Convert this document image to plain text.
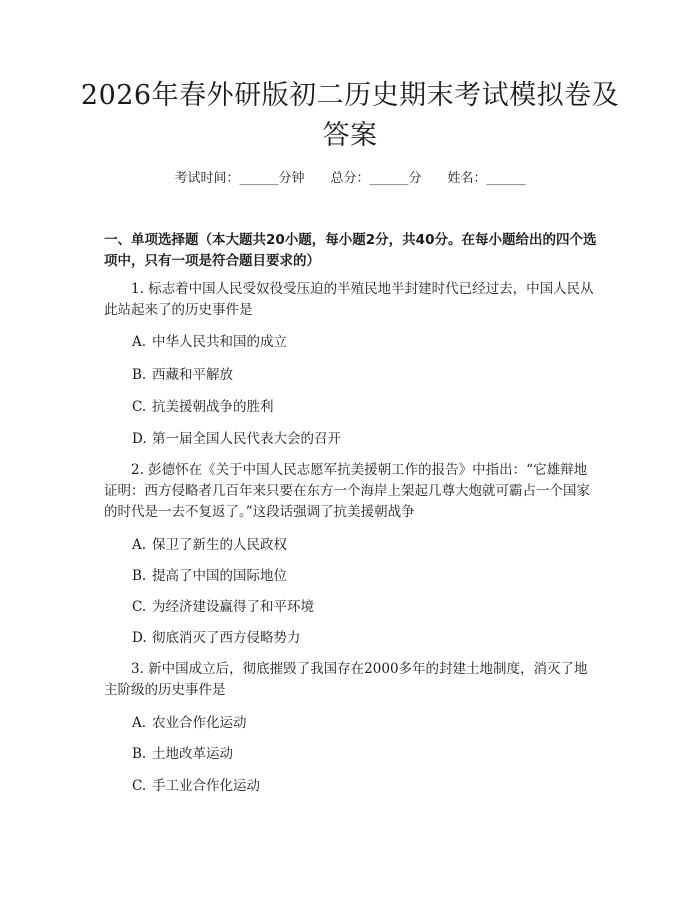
2026年春外研版初二历史期末考试模拟卷及答案
考试时间：______分钟 总分：______分 姓名：______
一、单项选择题（本大题共20小题，每小题2分，共40分。在每小题给出的四个选项中，只有一项是符合题目要求的）
1. 标志着中国人民受奴役受压迫的半殖民地半封建时代已经过去，中国人民从此站起来了的历史事件是
A. 中华人民共和国的成立
B. 西藏和平解放
C. 抗美援朝战争的胜利
D. 第一届全国人民代表大会的召开
2. 彭德怀在《关于中国人民志愿军抗美援朝工作的报告》中指出：“它雄辩地证明：西方侵略者几百年来只要在东方一个海岸上架起几尊大炮就可霸占一个国家的时代是一去不复返了。”这段话强调了抗美援朝战争
A. 保卫了新生的人民政权
B. 提高了中国的国际地位
C. 为经济建设赢得了和平环境
D. 彻底消灭了西方侵略势力
3. 新中国成立后，彻底摧毁了我国存在2000多年的封建土地制度，消灭了地主阶级的历史事件是
A. 农业合作化运动
B. 土地改革运动
C. 手工业合作化运动
